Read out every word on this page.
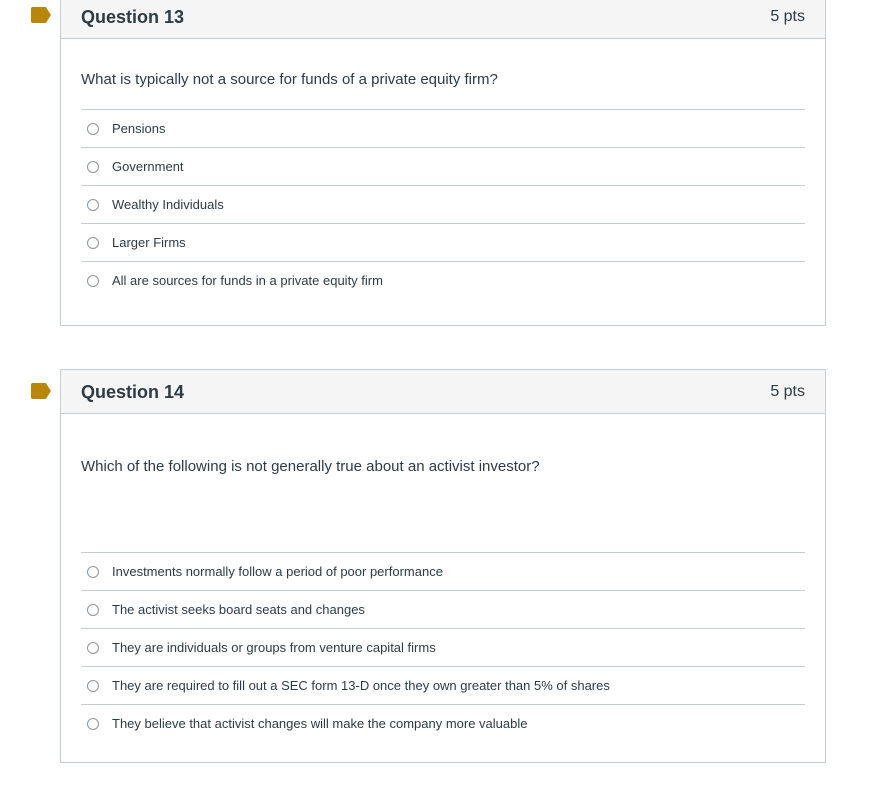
Question 13	5 pts
What is typically not a source for funds of a private equity firm?
Pensions
Government
Wealthy Individuals
Larger Firms
All are sources for funds in a private equity firm
Question 14	5 pts
Which of the following is not generally true about an activist investor?
Investments normally follow a period of poor performance
The activist seeks board seats and changes
They are individuals or groups from venture capital firms
They are required to fill out a SEC form 13-D once they own greater than 5% of shares
They believe that activist changes will make the company more valuable
